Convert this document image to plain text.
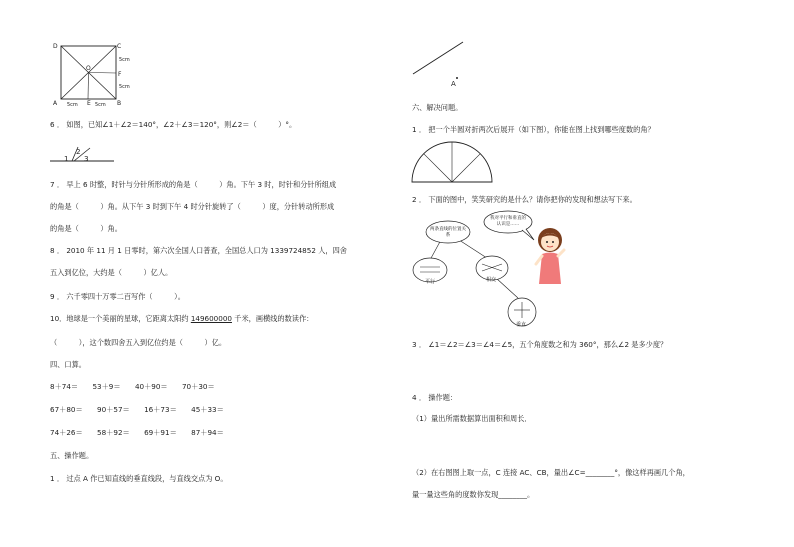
D	C
A	B
O
E
F
5cm
5cm
5cm	5cm
6 ． 如图，已知∠1＋∠2＝140°，∠2＋∠3＝120°，则∠2＝（　　　）°。
1
2
3
7 ． 早上 6 时整，时针与分针所形成的角是（　　　）角。下午 3 时，时针和分针所组成
的角是（　　　）角。从下午 3 时到下午 4 时分针旋转了（　　　）度，分针转动所形成
的角是（　　　）角。
8 ． 2010 年 11 月 1 日零时，第六次全国人口普查，全国总人口为 1339724852 人，四舍
五入到亿位，大约是（　　　）亿人。
9 ． 六千零四十万零二百写作（　　　）。
10．地球是一个美丽的星球，它距离太阳约 149600000 千米，画横线的数读作：
（　　　），这个数四舍五入到亿位约是（　　　）亿。
四、口算。
8＋74＝　　53＋9＝　　40＋90＝　　70＋30＝
67＋80＝　　90＋57＝　　16＋73＝　　45＋33＝
74＋26＝　　58＋92＝　　69＋91＝　　87＋94＝
五、操作题。
1 ． 过点 A 作已知直线的垂直线段，与直线交点为 O。
A
六、解决问题。
1 ． 把一个半圆对折两次后展开（如下图），你能在图上找到哪些度数的角？
2 ． 下面的图中，笑笑研究的是什么？请你把你的发现和想法写下来。
我对平行和垂直的认识是……
两条直线的位置关系
平行	相交
垂直
3 ． ∠1＝∠2＝∠3＝∠4＝∠5，五个角度数之和为 360°，那么∠2 是多少度？
4 ． 操作题：
（1）量出所需数据算出面积和周长．
（2）在右图图上取一点，C 连接 AC、CB，量出∠C=________°，像这样再画几个角，
量一量这些角的度数你发现________。
